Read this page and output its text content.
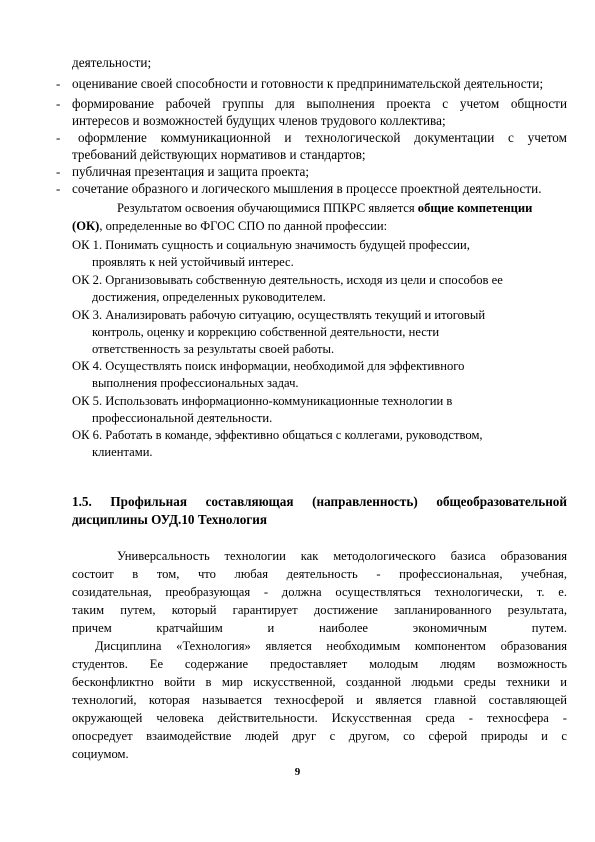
деятельности;
- оценивание своей способности и готовности к предпринимательской деятельности;
- формирование рабочей группы для выполнения проекта с учетом общности
интересов и возможностей будущих членов трудового коллектива;
- оформление коммуникационной и технологической документации с учетом
требований действующих нормативов и стандартов;
- публичная презентация и защита проекта;
- сочетание образного и логического мышления в процессе проектной деятельности.
Результатом освоения обучающимися ППКРС является общие компетенции
(ОК), определенные во ФГОС СПО по данной профессии:
ОК 1. Понимать сущность и социальную значимость будущей профессии,
проявлять к ней устойчивый интерес.
ОК 2. Организовывать собственную деятельность, исходя из цели и способов ее
достижения, определенных руководителем.
ОК 3. Анализировать рабочую ситуацию, осуществлять текущий и итоговый
контроль, оценку и коррекцию собственной деятельности, нести
ответственность за результаты своей работы.
ОК 4. Осуществлять поиск информации, необходимой для эффективного
выполнения профессиональных задач.
ОК 5. Использовать информационно-коммуникационные технологии в
профессиональной деятельности.
ОК 6. Работать в команде, эффективно общаться с коллегами, руководством,
клиентами.
1.5. Профильная составляющая (направленность) общеобразовательной
дисциплины ОУД.10 Технология
Универсальность технологии как методологического базиса образования
состоит в том, что любая деятельность - профессиональная, учебная,
созидательная, преобразующая - должна осуществляться технологически, т. е.
таким путем, который гарантирует достижение запланированного результата,
причем кратчайшим и наиболее экономичным путем.
Дисциплина «Технология» является необходимым компонентом образования
студентов. Ее содержание предоставляет молодым людям возможность
бесконфликтно войти в мир искусственной, созданной людьми среды техники и
технологий, которая называется техносферой и является главной составляющей
окружающей человека действительности. Искусственная среда - техносфера -
опосредует взаимодействие людей друг с другом, со сферой природы и с
социумом.
9
